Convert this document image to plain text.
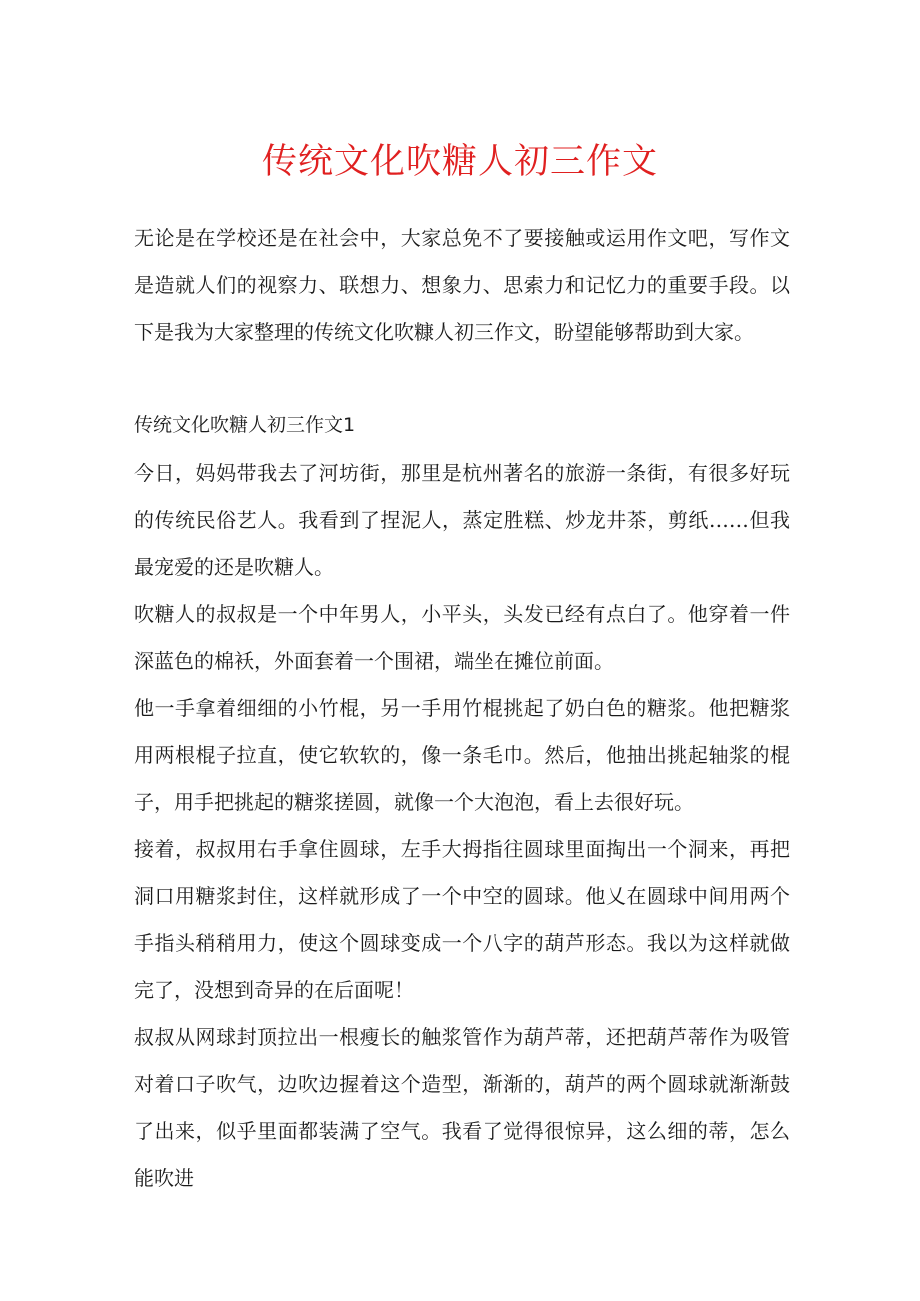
传统文化吹糖人初三作文

无论是在学校还是在社会中，大家总免不了要接触或运用作文吧，写作文是造就人们的视察力、联想力、想象力、思索力和记忆力的重要手段。以下是我为大家整理的传统文化吹糠人初三作文，盼望能够帮助到大家。

传统文化吹糖人初三作文1

今日，妈妈带我去了河坊街，那里是杭州著名的旅游一条街，有很多好玩的传统民俗艺人。我看到了捏泥人，蒸定胜糕、炒龙井茶，剪纸……但我最宠爱的还是吹糖人。

吹糖人的叔叔是一个中年男人，小平头，头发已经有点白了。他穿着一件深蓝色的棉袄，外面套着一个围裙，端坐在摊位前面。

他一手拿着细细的小竹棍，另一手用竹棍挑起了奶白色的糖浆。他把糖浆用两根棍子拉直，使它软软的，像一条毛巾。然后，他抽出挑起轴浆的棍子，用手把挑起的糖浆搓圆，就像一个大泡泡，看上去很好玩。

接着，叔叔用右手拿住圆球，左手大拇指往圆球里面掏出一个洞来，再把洞口用糖浆封住，这样就形成了一个中空的圆球。他乂在圆球中间用两个手指头稍稍用力，使这个圆球变成一个八字的葫芦形态。我以为这样就做完了，没想到奇异的在后面呢！

叔叔从网球封顶拉出一根瘦长的触浆管作为葫芦蒂，还把葫芦蒂作为吸管对着口子吹气，边吹边握着这个造型，渐渐的，葫芦的两个圆球就渐渐鼓了出来，似乎里面都装满了空气。我看了觉得很惊异，这么细的蒂，怎么能吹进
